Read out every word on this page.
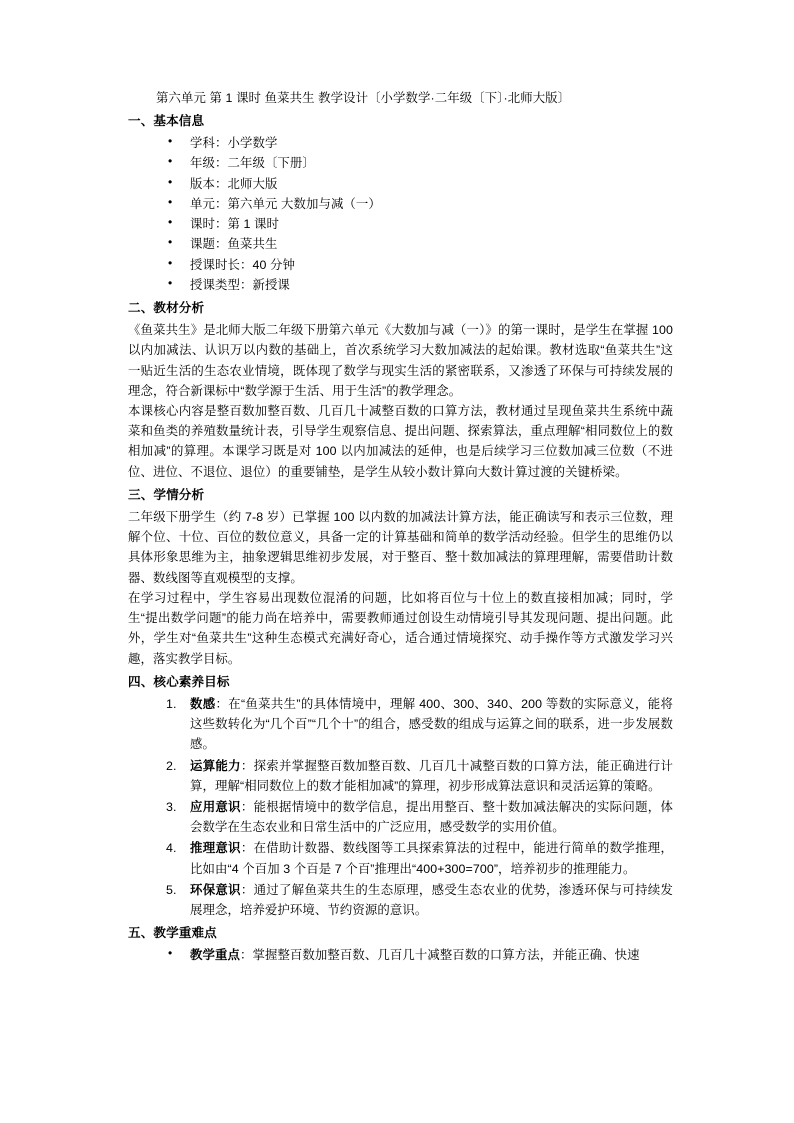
第六单元 第 1 课时 鱼菜共生 教学设计〔小学数学·二年级〔下〕·北师大版〕
一、基本信息
• 学科：小学数学
• 年级：二年级〔下册〕
• 版本：北师大版
• 单元：第六单元 大数加与减（一）
• 课时：第 1 课时
• 课题：鱼菜共生
• 授课时长：40 分钟
• 授课类型：新授课
二、教材分析

《鱼菜共生》是北师大版二年级下册第六单元《大数加与减（一）》的第一课时，是学生在掌握 100 以内加减法、认识万以内数的基础上，首次系统学习大数加减法的起始课。教材选取“鱼菜共生”这一贴近生活的生态农业情境，既体现了数学与现实生活的紧密联系，又渗透了环保与可持续发展的理念，符合新课标中“数学源于生活、用于生活”的教学理念。

本课核心内容是整百数加整百数、几百几十减整百数的口算方法，教材通过呈现鱼菜共生系统中蔬菜和鱼类的养殖数量统计表，引导学生观察信息、提出问题、探索算法，重点理解“相同数位上的数相加减”的算理。本课学习既是对 100 以内加减法的延伸，也是后续学习三位数加减三位数（不进位、进位、不退位、退位）的重要铺垫，是学生从较小数计算向大数计算过渡的关键桥梁。

三、学情分析

二年级下册学生（约 7-8 岁）已掌握 100 以内数的加减法计算方法，能正确读写和表示三位数，理解个位、十位、百位的数位意义，具备一定的计算基础和简单的数学活动经验。但学生的思维仍以具体形象思维为主，抽象逻辑思维初步发展，对于整百、整十数加减法的算理理解，需要借助计数器、数线图等直观模型的支撑。

在学习过程中，学生容易出现数位混淆的问题，比如将百位与十位上的数直接相加减；同时，学生“提出数学问题”的能力尚在培养中，需要教师通过创设生动情境引导其发现问题、提出问题。此外，学生对“鱼菜共生”这种生态模式充满好奇心，适合通过情境探究、动手操作等方式激发学习兴趣，落实教学目标。

四、核心素养目标
数感：在“鱼菜共生”的具体情境中，理解 400、300、340、200 等数的实际意义，能将这些数转化为“几个百”“几个十”的组合，感受数的组成与运算之间的联系，进一步发展数感。
运算能力：探索并掌握整百数加整百数、几百几十减整百数的口算方法，能正确进行计算，理解“相同数位上的数才能相加减”的算理，初步形成算法意识和灵活运算的策略。
应用意识：能根据情境中的数学信息，提出用整百、整十数加减法解决的实际问题，体会数学在生态农业和日常生活中的广泛应用，感受数学的实用价值。
推理意识：在借助计数器、数线图等工具探索算法的过程中，能进行简单的数学推理，比如由“4 个百加 3 个百是 7 个百”推理出“400+300=700”，培养初步的推理能力。
环保意识：通过了解鱼菜共生的生态原理，感受生态农业的优势，渗透环保与可持续发展理念，培养爱护环境、节约资源的意识。
五、教学重难点
• 教学重点：掌握整百数加整百数、几百几十减整百数的口算方法，并能正确、快速
